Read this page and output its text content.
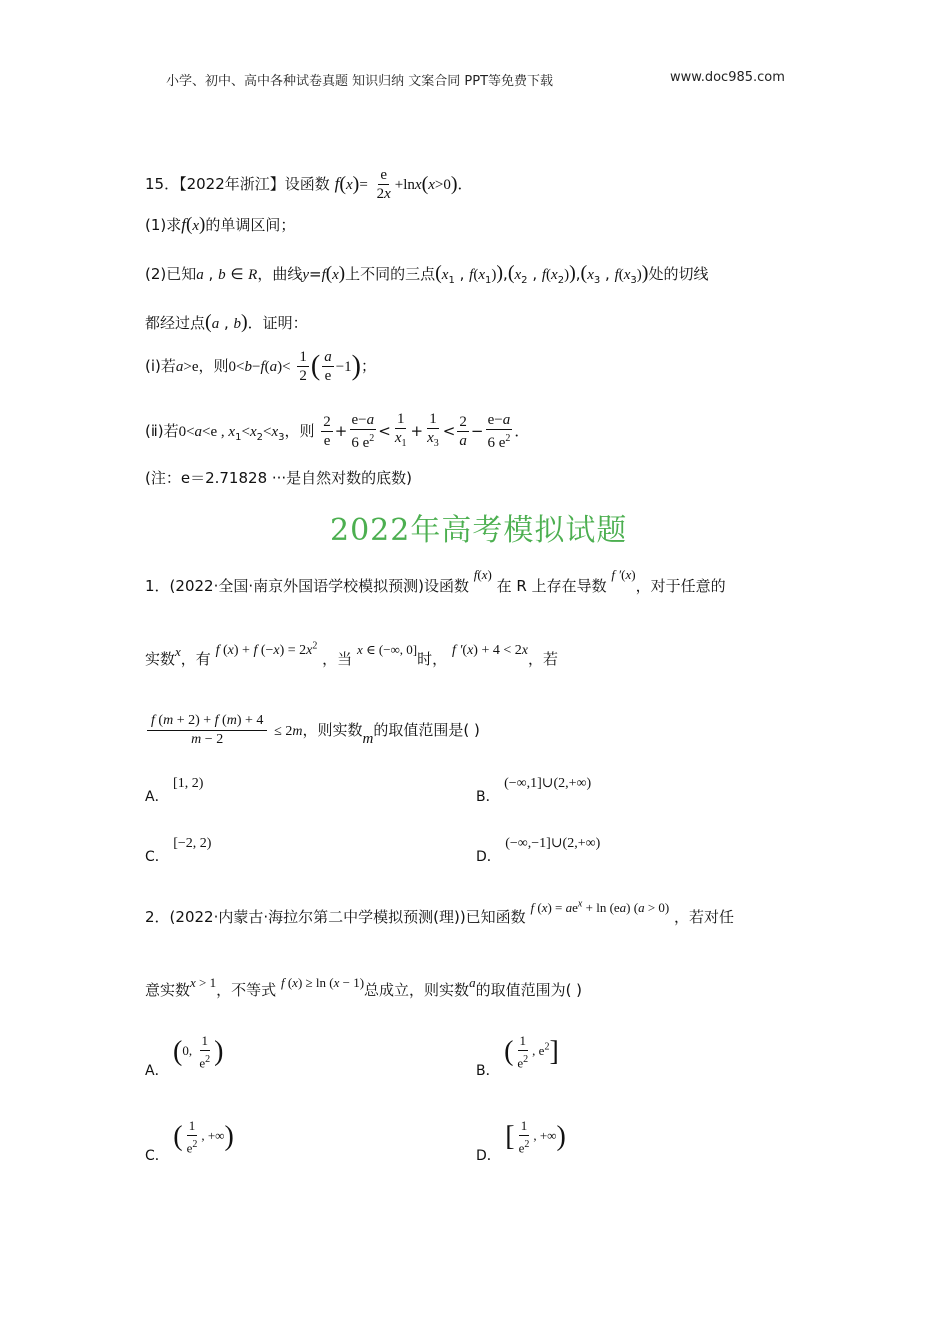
小学、初中、高中各种试卷真题 知识归纳 文案合同 PPT等免费下载	www.doc985.com
15．【2022年浙江】设函数 $f(x)= \frac{e}{2x} +\ln x(x>0)$．
(1)求f(x)的单调区间；
(2)已知a , b ∈ R，曲线y=f(x)上不同的三点($x_1$ , $f(x_1)),(x_2$ , $f(x_2)),(x_3$ , $f(x_3)$)处的切线
都经过点(a , b)．证明：
(ⅰ)若a>e，则$0<b-f(a)< \frac{1}{2}$ ( $\frac{a}{e} -1$)；
(ⅱ)若0<a<e , $x_1<x_2<x_3$，则 $\frac{2}{e} + \frac{e-a}{6 e^2} < \frac{1}{x_1} + \frac{1}{x_3} < \frac{2}{a} - \frac{e-a}{6 e^2}$ ．
(注：e＝2.71828 ···是自然对数的底数)
2022年高考模拟试题
1．(2022·全国·南京外国语学校模拟预测)设函数 f(x) 在 R 上存在导数 f ′(x)，对于任意的
实数x，有 f (x) + f $(-x) = 2x^2$ ，当 x ∈ (−∞, 0]时， f ′(x) + 4 < 2x，若
$\frac{f (m + 2) + f (m) + 4}{m - 2} \le 2m$，则实数m的取值范围是( )
A． [1, 2)
B． (−∞,1]∪(2,+∞)
C． [−2, 2)
D． (−∞,−1]∪(2,+∞)
2．(2022·内蒙古·海拉尔第二中学模拟预测(理))已知函数 f $(x) = ae^x + \ln (ea) (a > 0)$ ，若对任
意实数x > 1，不等式 f (x) ≥ ln (x − 1)总成立，则实数a的取值范围为( )
A． (0, $\frac{1}{e^2}$ )
B． ( $\frac{1}{e^2}$ , $e^2$]
C． ( $\frac{1}{e^2}$ , +∞)
D． [ $\frac{1}{e^2}$ , +∞)
